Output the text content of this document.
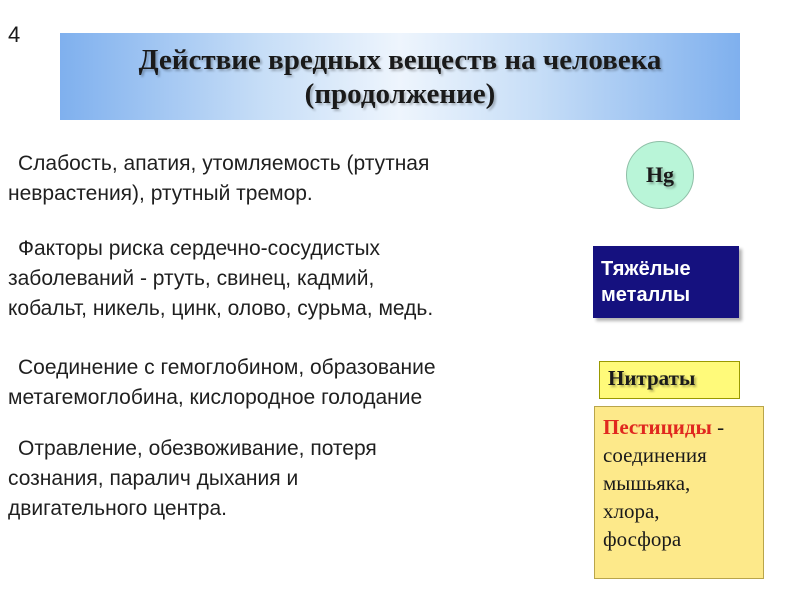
4
Действие вредных веществ на человека
(продолжение)
Слабость, апатия, утомляемость (ртутная
неврастения), ртутный тремор.
Факторы риска сердечно-сосудистых
заболеваний - ртуть, свинец, кадмий,
кобальт, никель, цинк, олово, сурьма, медь.
Соединение с гемоглобином, образование
метагемоглобина, кислородное голодание
Отравление, обезвоживание, потеря
сознания, паралич дыхания и
двигательного центра.
Hg
Тяжёлые
металлы
Нитраты
Пестициды -
соединения
мышьяка,
хлора,
фосфора
